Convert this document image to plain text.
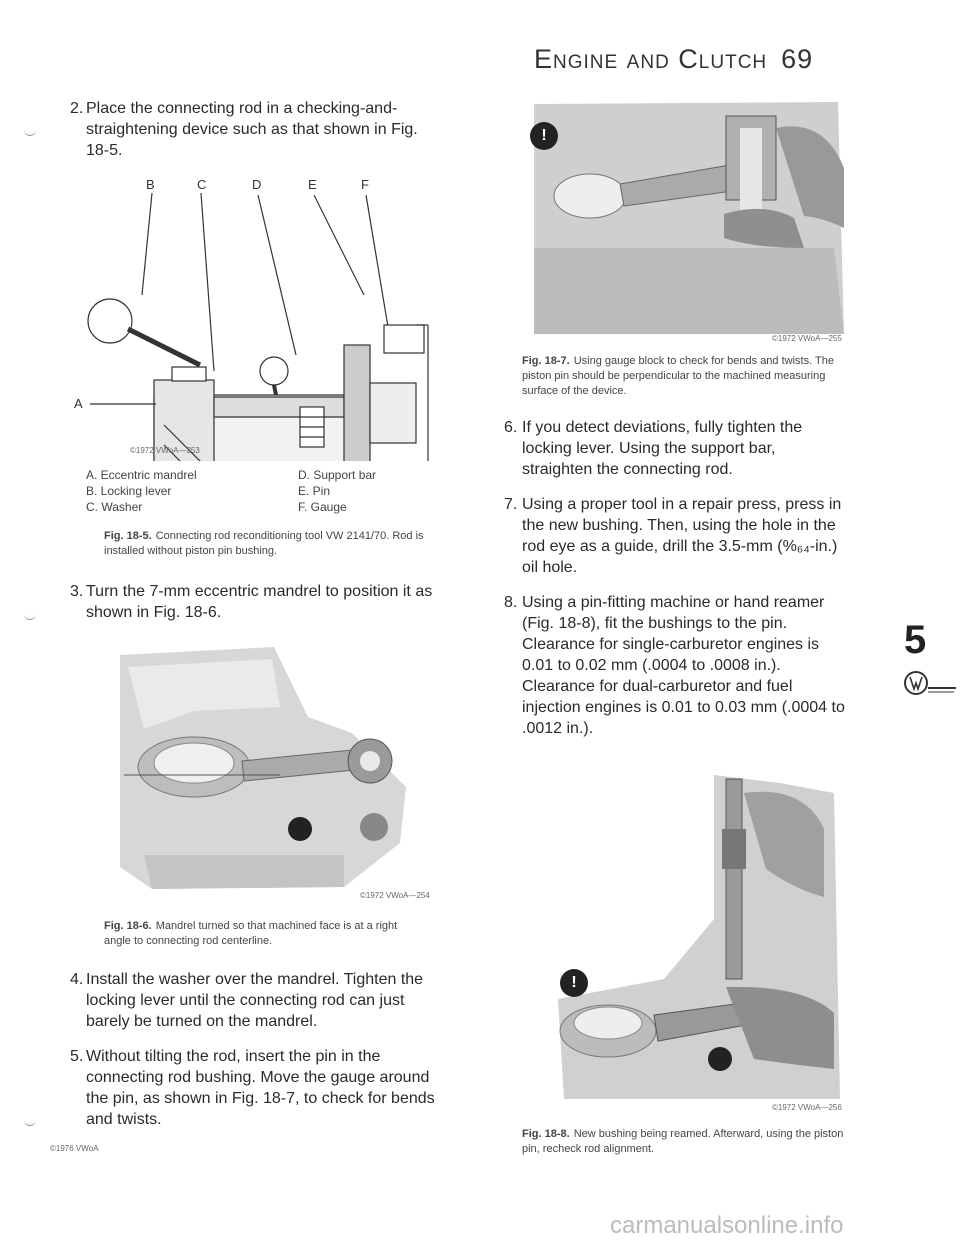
Engine and Clutch 69
2. Place the connecting rod in a checking-and-straightening device such as that shown in Fig. 18-5.
B	C	D	E	F
A
©1972 VWoA—253
A. Eccentric mandrel
B. Locking lever
C. Washer
D. Support bar
E. Pin
F. Gauge
Fig. 18-5. Connecting rod reconditioning tool VW 2141/70. Rod is installed without piston pin bushing.
3. Turn the 7-mm eccentric mandrel to position it as shown in Fig. 18-6.
©1972 VWoA—254
Fig. 18-6. Mandrel turned so that machined face is at a right angle to connecting rod centerline.
4. Install the washer over the mandrel. Tighten the locking lever until the connecting rod can just barely be turned on the mandrel.
5. Without tilting the rod, insert the pin in the connecting rod bushing. Move the gauge around the pin, as shown in Fig. 18-7, to check for bends and twists.
©1976 VWoA
!
©1972 VWoA—255
Fig. 18-7. Using gauge block to check for bends and twists. The piston pin should be perpendicular to the machined measuring surface of the device.
6. If you detect deviations, fully tighten the locking lever. Using the support bar, straighten the connecting rod.
7. Using a proper tool in a repair press, press in the new bushing. Then, using the hole in the rod eye as a guide, drill the 3.5-mm (%₆₄-in.) oil hole.
8. Using a pin-fitting machine or hand reamer (Fig. 18-8), fit the bushings to the pin. Clearance for single-carburetor engines is 0.01 to 0.02 mm (.0004 to .0008 in.). Clearance for dual-carburetor and fuel injection engines is 0.01 to 0.03 mm (.0004 to .0012 in.).
!
©1972 VWoA—256
Fig. 18-8. New bushing being reamed. Afterward, using the piston pin, recheck rod alignment.
5
carmanualsonline.info
